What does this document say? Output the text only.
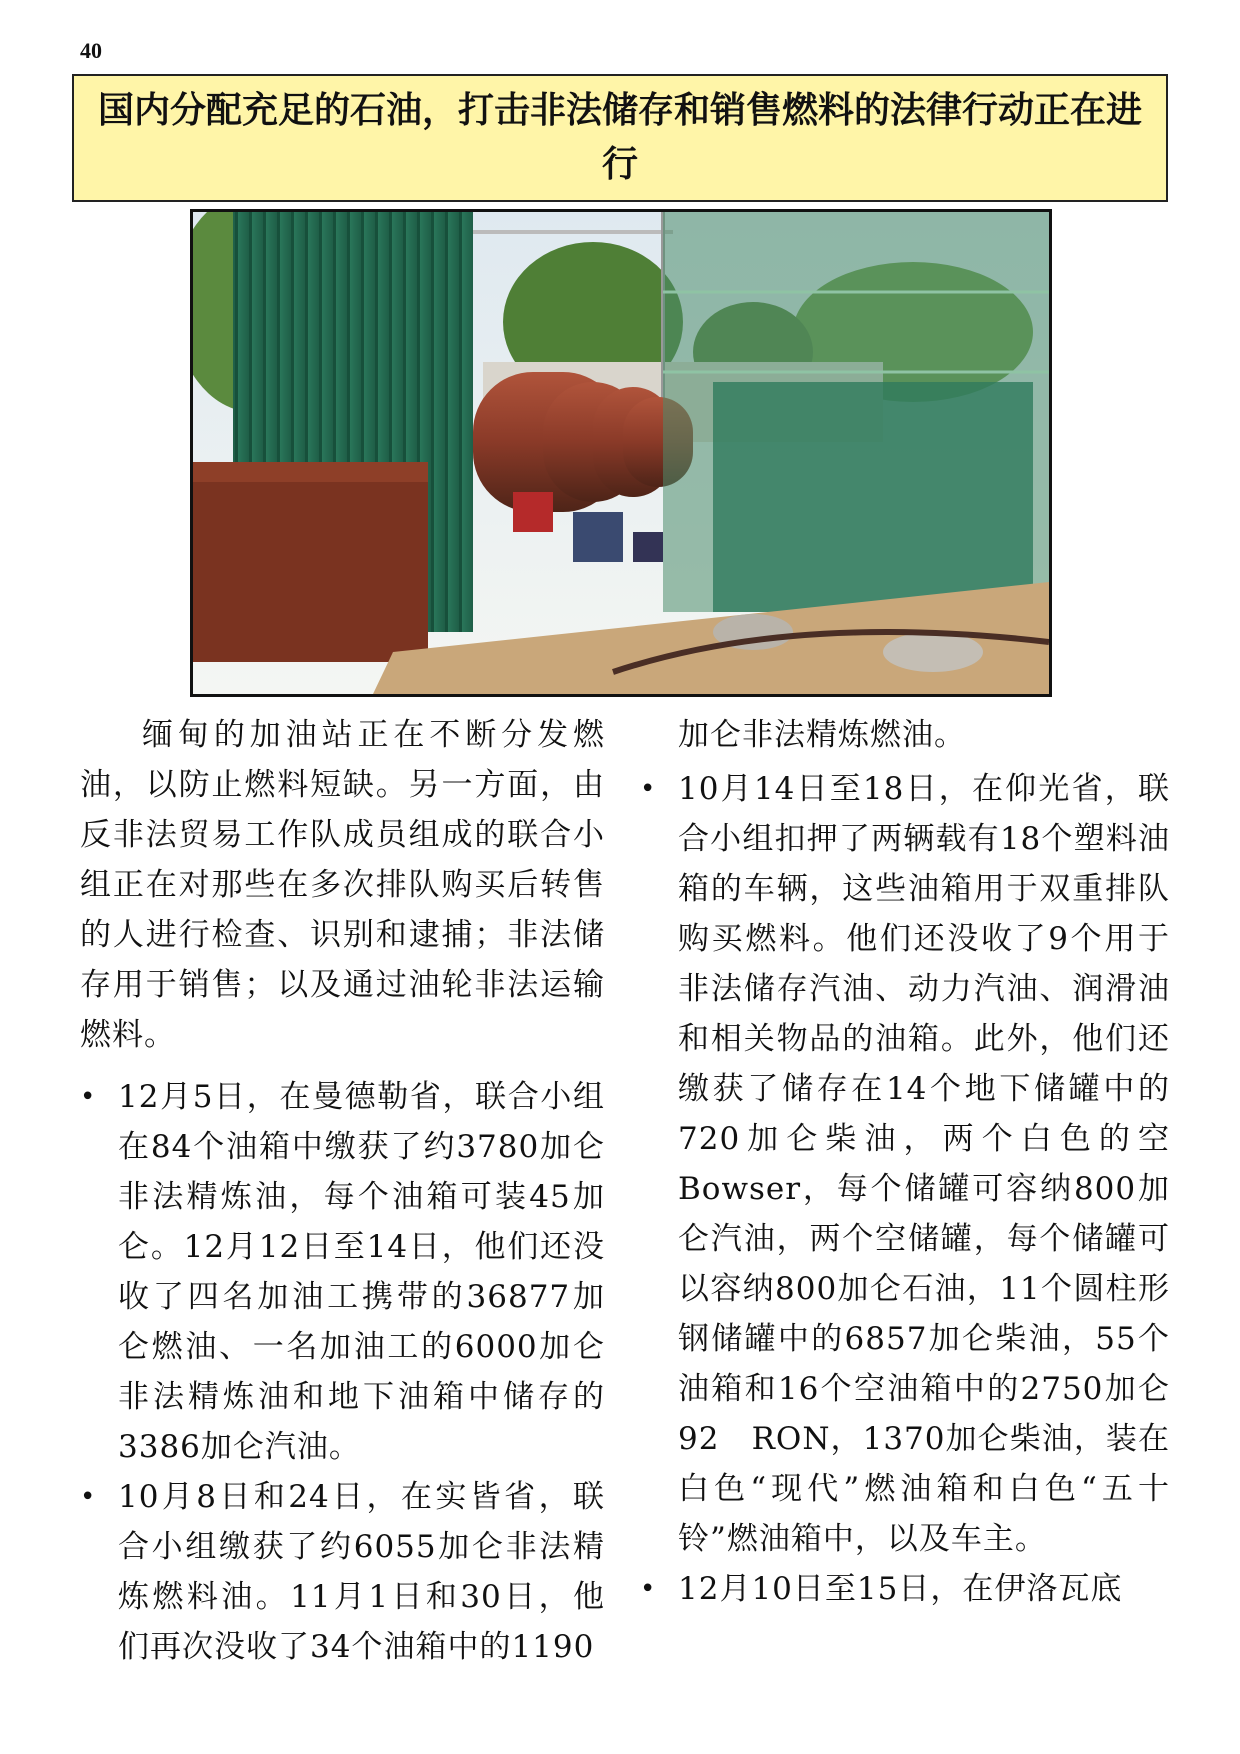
40
国内分配充足的石油，打击非法储存和销售燃料的法律行动正在进行

缅甸的加油站正在不断分发燃油，以防止燃料短缺。另一方面，由反非法贸易工作队成员组成的联合小组正在对那些在多次排队购买后转售的人进行检查、识别和逮捕；非法储存用于销售；以及通过油轮非法运输燃料。

• 12月5日，在曼德勒省，联合小组在84个油箱中缴获了约3780加仑非法精炼油，每个油箱可装45加仑。12月12日至14日，他们还没收了四名加油工携带的36877加仑燃油、一名加油工的6000加仑非法精炼油和地下油箱中储存的3386加仑汽油。
• 10月8日和24日，在实皆省，联合小组缴获了约6055加仑非法精炼燃料油。11月1日和30日，他们再次没收了34个油箱中的1190
加仑非法精炼燃油。
• 10月14日至18日，在仰光省，联合小组扣押了两辆载有18个塑料油箱的车辆，这些油箱用于双重排队购买燃料。他们还没收了9个用于非法储存汽油、动力汽油、润滑油和相关物品的油箱。此外，他们还缴获了储存在14个地下储罐中的720加仑柴油，两个白色的空Bowser，每个储罐可容纳800加仑汽油，两个空储罐，每个储罐可以容纳800加仑石油，11个圆柱形钢储罐中的6857加仑柴油，55个油箱和16个空油箱中的2750加仑92　RON，1370加仑柴油，装在白色“现代”燃油箱和白色“五十铃”燃油箱中，以及车主。
• 12月10日至15日，在伊洛瓦底
